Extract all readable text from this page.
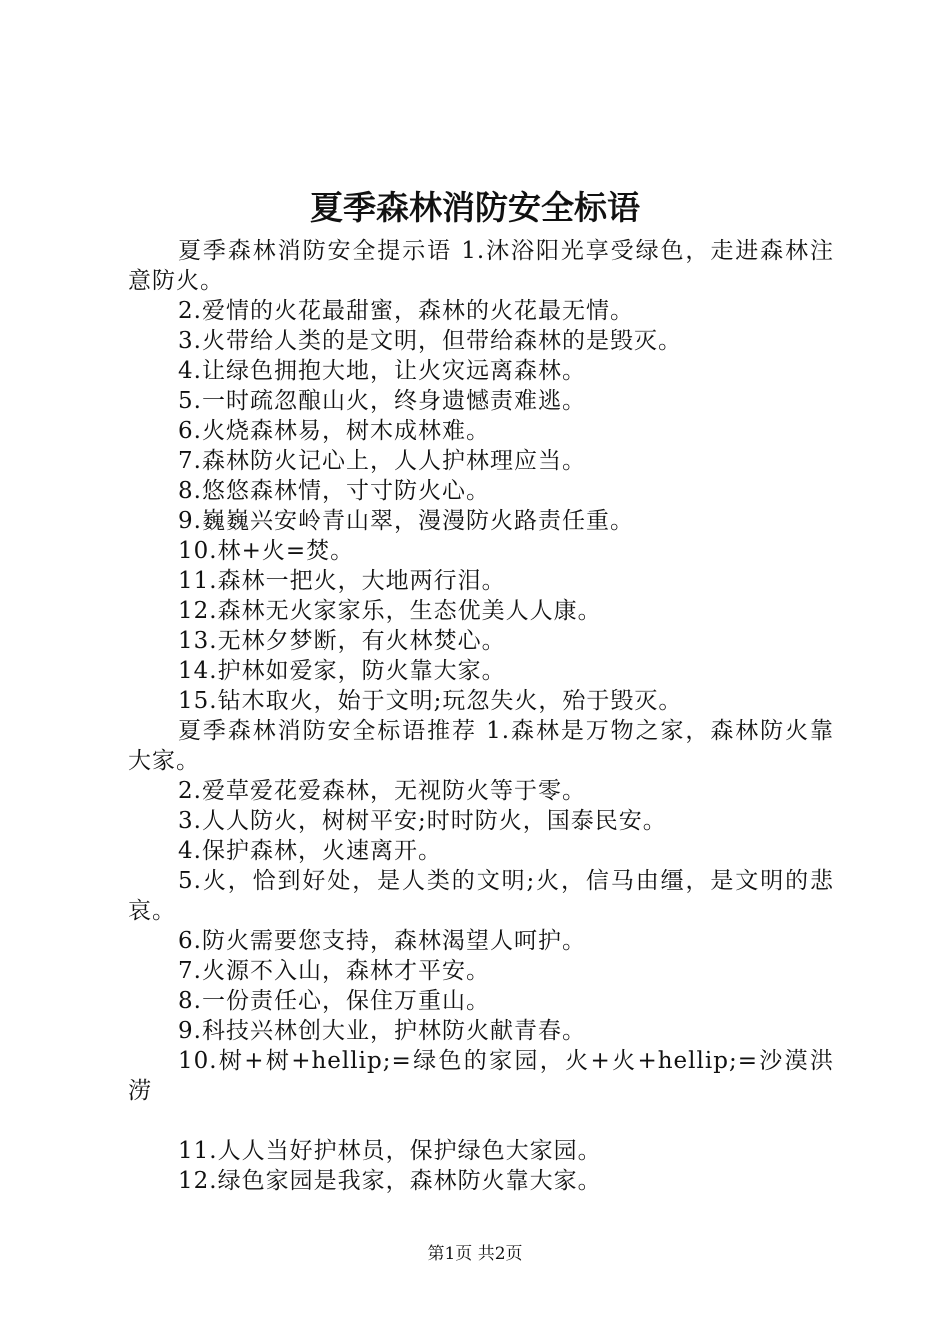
夏季森林消防安全标语

夏季森林消防安全提示语 1.沐浴阳光享受绿色，走进森林注意防火。

2.爱情的火花最甜蜜，森林的火花最无情。

3.火带给人类的是文明，但带给森林的是毁灭。

4.让绿色拥抱大地，让火灾远离森林。

5.一时疏忽酿山火，终身遗憾责难逃。

6.火烧森林易，树木成林难。

7.森林防火记心上，人人护林理应当。

8.悠悠森林情，寸寸防火心。

9.巍巍兴安岭青山翠，漫漫防火路责任重。

10.林+火=焚。

11.森林一把火，大地两行泪。

12.森林无火家家乐，生态优美人人康。

13.无林夕梦断，有火林焚心。

14.护林如爱家，防火靠大家。

15.钻木取火，始于文明;玩忽失火，殆于毁灭。

夏季森林消防安全标语推荐 1.森林是万物之家，森林防火靠大家。

2.爱草爱花爱森林，无视防火等于零。

3.人人防火，树树平安;时时防火，国泰民安。

4.保护森林，火速离开。

5.火，恰到好处，是人类的文明;火，信马由缰，是文明的悲哀。

6.防火需要您支持，森林渴望人呵护。

7.火源不入山，森林才平安。

8.一份责任心，保住万重山。

9.科技兴林创大业，护林防火献青春。

10.树+树+hellip;=绿色的家园，火+火+hellip;=沙漠洪涝

11.人人当好护林员，保护绿色大家园。

12.绿色家园是我家，森林防火靠大家。

第1页 共2页
